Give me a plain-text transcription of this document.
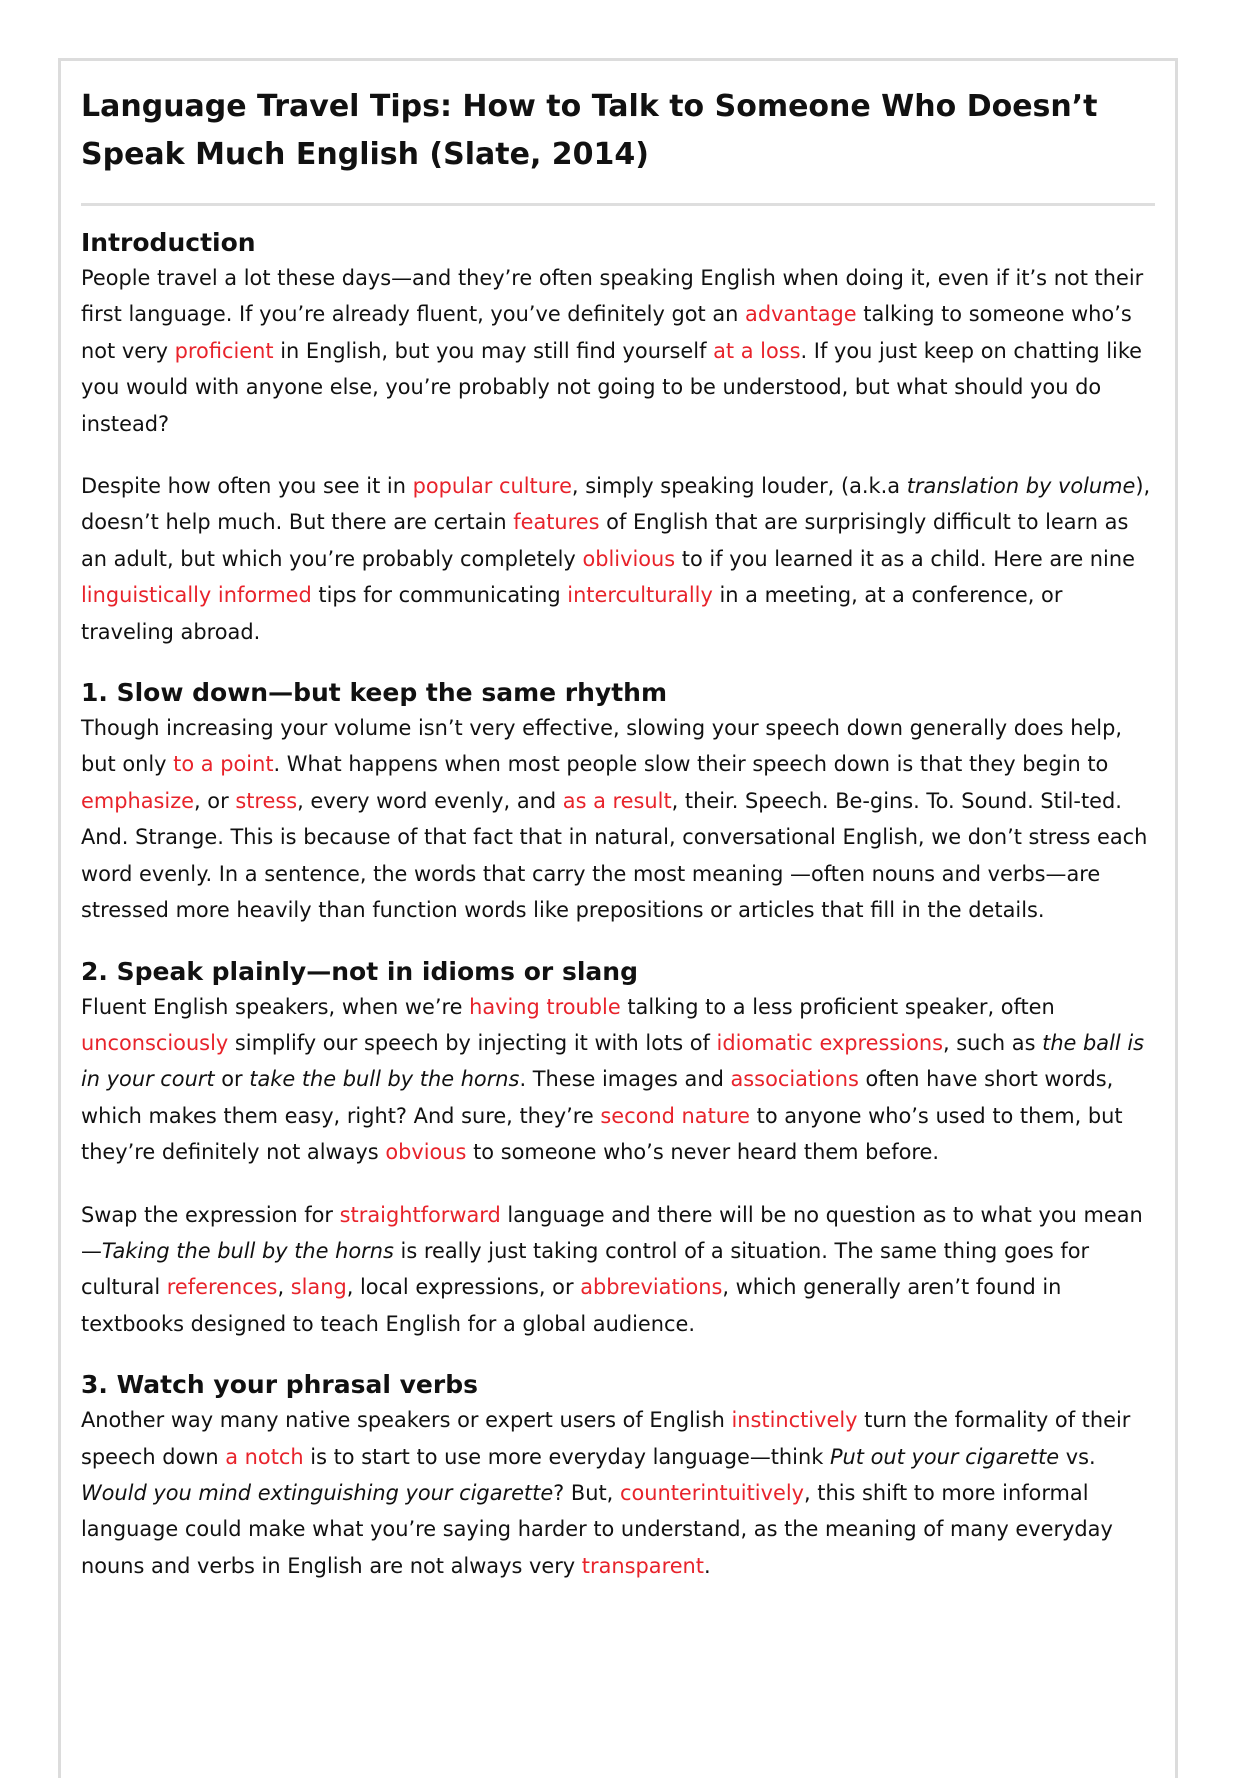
Language Travel Tips: How to Talk to Someone Who Doesn’t Speak Much English (Slate, 2014)
Introduction

People travel a lot these days—and they’re often speaking English when doing it, even if it’s not their first language. If you’re already fluent, you’ve definitely got an advantage talking to someone who’s not very proficient in English, but you may still find yourself at a loss. If you just keep on chatting like you would with anyone else, you’re probably not going to be understood, but what should you do instead?

Despite how often you see it in popular culture, simply speaking louder, (a.k.a translation by volume), doesn’t help much. But there are certain features of English that are surprisingly difficult to learn as an adult, but which you’re probably completely oblivious to if you learned it as a child. Here are nine linguistically informed tips for communicating interculturally in a meeting, at a conference, or traveling abroad.

1. Slow down—but keep the same rhythm

Though increasing your volume isn’t very effective, slowing your speech down generally does help, but only to a point. What happens when most people slow their speech down is that they begin to emphasize, or stress, every word evenly, and as a result, their. Speech. Be-gins. To. Sound. Stil-ted. And. Strange. This is because of that fact that in natural, conversational English, we don’t stress each word evenly. In a sentence, the words that carry the most meaning —often nouns and verbs—are stressed more heavily than function words like prepositions or articles that fill in the details.

2. Speak plainly—not in idioms or slang

Fluent English speakers, when we’re having trouble talking to a less proficient speaker, often unconsciously simplify our speech by injecting it with lots of idiomatic expressions, such as the ball is in your court or take the bull by the horns. These images and associations often have short words, which makes them easy, right? And sure, they’re second nature to anyone who’s used to them, but they’re definitely not always obvious to someone who’s never heard them before.

Swap the expression for straightforward language and there will be no question as to what you mean—Taking the bull by the horns is really just taking control of a situation. The same thing goes for cultural references, slang, local expressions, or abbreviations, which generally aren’t found in textbooks designed to teach English for a global audience.

3. Watch your phrasal verbs

Another way many native speakers or expert users of English instinctively turn the formality of their speech down a notch is to start to use more everyday language—think Put out your cigarette vs. Would you mind extinguishing your cigarette? But, counterintuitively, this shift to more informal language could make what you’re saying harder to understand, as the meaning of many everyday nouns and verbs in English are not always very transparent.
